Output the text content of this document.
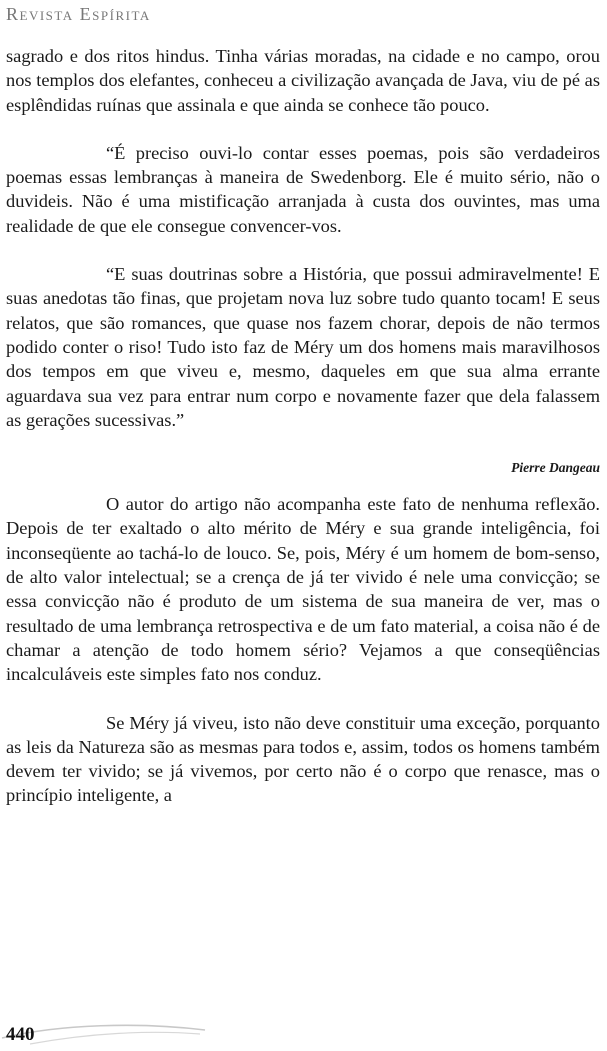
Revista Espírita

sagrado e dos ritos hindus. Tinha várias moradas, na cidade e no campo, orou nos templos dos elefantes, conheceu a civilização avançada de Java, viu de pé as esplêndidas ruínas que assinala e que ainda se conhece tão pouco.

“É preciso ouvi-lo contar esses poemas, pois são verdadeiros poemas essas lembranças à maneira de Swedenborg. Ele é muito sério, não o duvideis. Não é uma mistificação arranjada à custa dos ouvintes, mas uma realidade de que ele consegue convencer-vos.

“E suas doutrinas sobre a História, que possui admiravelmente! E suas anedotas tão finas, que projetam nova luz sobre tudo quanto tocam! E seus relatos, que são romances, que quase nos fazem chorar, depois de não termos podido conter o riso! Tudo isto faz de Méry um dos homens mais maravilhosos dos tempos em que viveu e, mesmo, daqueles em que sua alma errante aguardava sua vez para entrar num corpo e novamente fazer que dela falassem as gerações sucessivas.”

Pierre Dangeau

O autor do artigo não acompanha este fato de nenhuma reflexão. Depois de ter exaltado o alto mérito de Méry e sua grande inteligência, foi inconseqüente ao tachá-lo de louco. Se, pois, Méry é um homem de bom-senso, de alto valor intelectual; se a crença de já ter vivido é nele uma convicção; se essa convicção não é produto de um sistema de sua maneira de ver, mas o resultado de uma lembrança retrospectiva e de um fato material, a coisa não é de chamar a atenção de todo homem sério? Vejamos a que conseqüências incalculáveis este simples fato nos conduz.

Se Méry já viveu, isto não deve constituir uma exceção, porquanto as leis da Natureza são as mesmas para todos e, assim, todos os homens também devem ter vivido; se já vivemos, por certo não é o corpo que renasce, mas o princípio inteligente, a

440
